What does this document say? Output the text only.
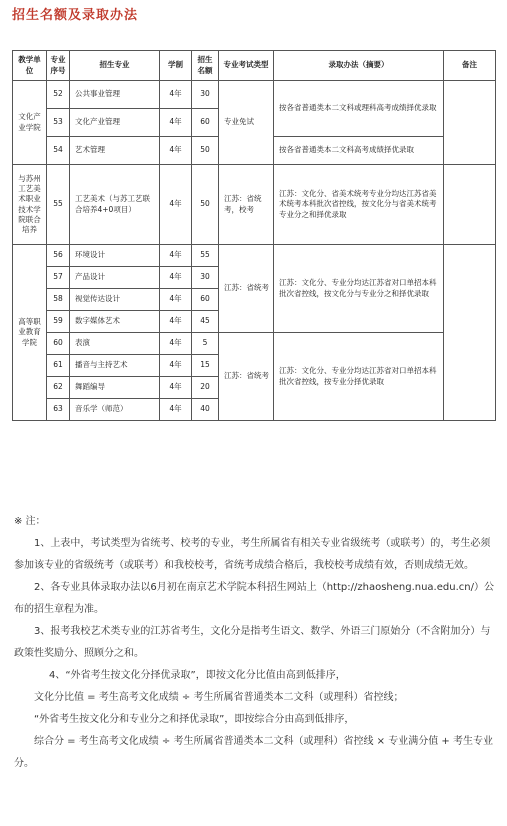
招生名额及录取办法
教学单位	专业序号	招生专业	学制	招生名额	专业考试类型	录取办法（摘要）	备注
文化产业学院	52	公共事业管理	4年	30	专业免试	按各省普通类本二文科或理科高考成绩择优录取	
	53	文化产业管理	4年	60			
	54	艺术管理	4年	50		按各省普通类本二文科高考成绩择优录取	
与苏州工艺美术职业技术学院联合培养	55	工艺美术（与苏工艺联合培养4+0项目）	4年	50	江苏：省统考，校考	江苏：文化分、省美术统考专业分均达江苏省美术统考本科批次省控线，按文化分与省美术统考专业分之和择优录取	
高等职业教育学院	56	环境设计	4年	55	江苏：省统考	江苏：文化分、专业分均达江苏省对口单招本科批次省控线，按文化分与专业分之和择优录取	
	57	产品设计	4年	30			
	58	视觉传达设计	4年	60			
	59	数字媒体艺术	4年	45			
	60	表演	4年	5	江苏：省统考	江苏：文化分、专业分均达江苏省对口单招本科批次省控线，按专业分择优录取	
	61	播音与主持艺术	4年	15			
	62	舞蹈编导	4年	20			
	63	音乐学（师范）	4年	40			

※ 注：

1、上表中，考试类型为省统考、校考的专业，考生所属省有相关专业省级统考（或联考）的，考生必须参加该专业的省级统考（或联考）和我校校考，省统考成绩合格后，我校校考成绩有效，否则成绩无效。

2、各专业具体录取办法以6月初在南京艺术学院本科招生网站上（http://zhaosheng.nua.edu.cn/）公布的招生章程为准。

3、报考我校艺术类专业的江苏省考生，文化分是指考生语文、数学、外语三门原始分（不含附加分）与政策性奖励分、照顾分之和。

4、“外省考生按文化分择优录取”，即按文化分比值由高到低排序，

文化分比值 = 考生高考文化成绩 ÷ 考生所属省普通类本二文科（或理科）省控线；

“外省考生按文化分和专业分之和择优录取”，即按综合分由高到低排序，

综合分 = 考生高考文化成绩 ÷ 考生所属省普通类本二文科（或理科）省控线 × 专业满分值 + 考生专业分。
